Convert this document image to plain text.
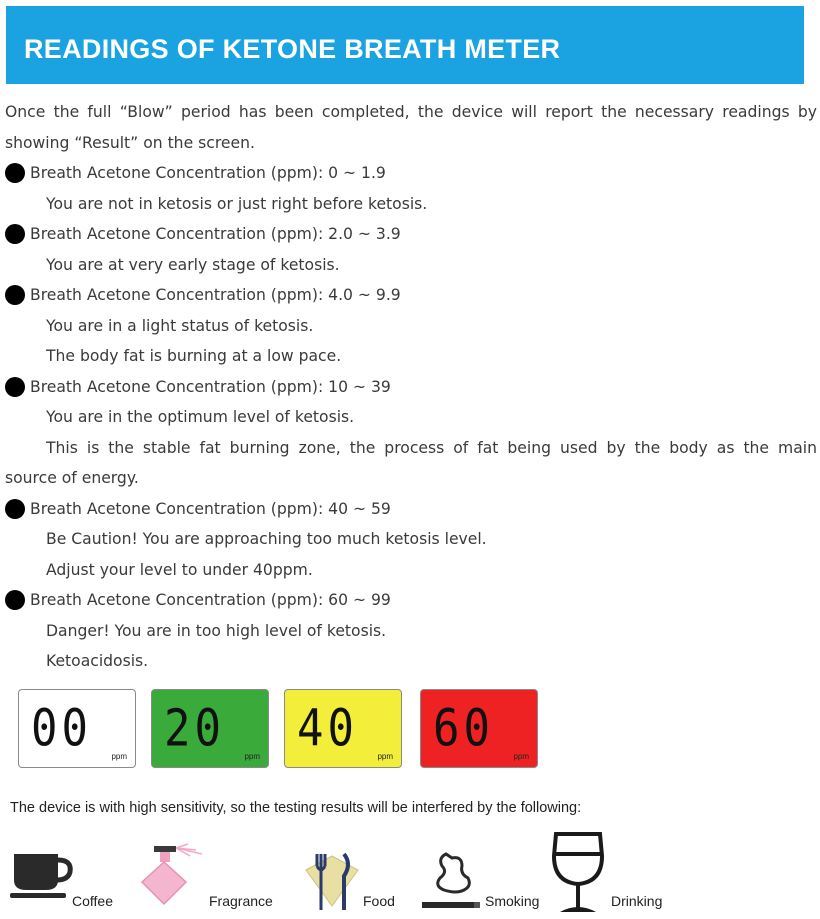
READINGS OF KETONE BREATH METER

Once the full “Blow” period has been completed, the device will report the necessary readings by

showing “Result” on the screen.

Breath Acetone Concentration (ppm): 0 ~ 1.9

You are not in ketosis or just right before ketosis.

Breath Acetone Concentration (ppm): 2.0 ~ 3.9

You are at very early stage of ketosis.

Breath Acetone Concentration (ppm): 4.0 ~ 9.9

You are in a light status of ketosis.

The body fat is burning at a low pace.

Breath Acetone Concentration (ppm): 10 ~ 39

You are in the optimum level of ketosis.

This is the stable fat burning zone, the process of fat being used by the body as the main

source of energy.

Breath Acetone Concentration (ppm): 40 ~ 59

Be Caution! You are approaching too much ketosis level.

Adjust your level to under 40ppm.

Breath Acetone Concentration (ppm): 60 ~ 99

Danger! You are in too high level of ketosis.

Ketoacidosis.

00 ppm 20 ppm 40 ppm 60 ppm
The device is with high sensitivity, so the testing results will be interfered by the following:
Coffee	Fragrance	Food	Smoking	Drinking
